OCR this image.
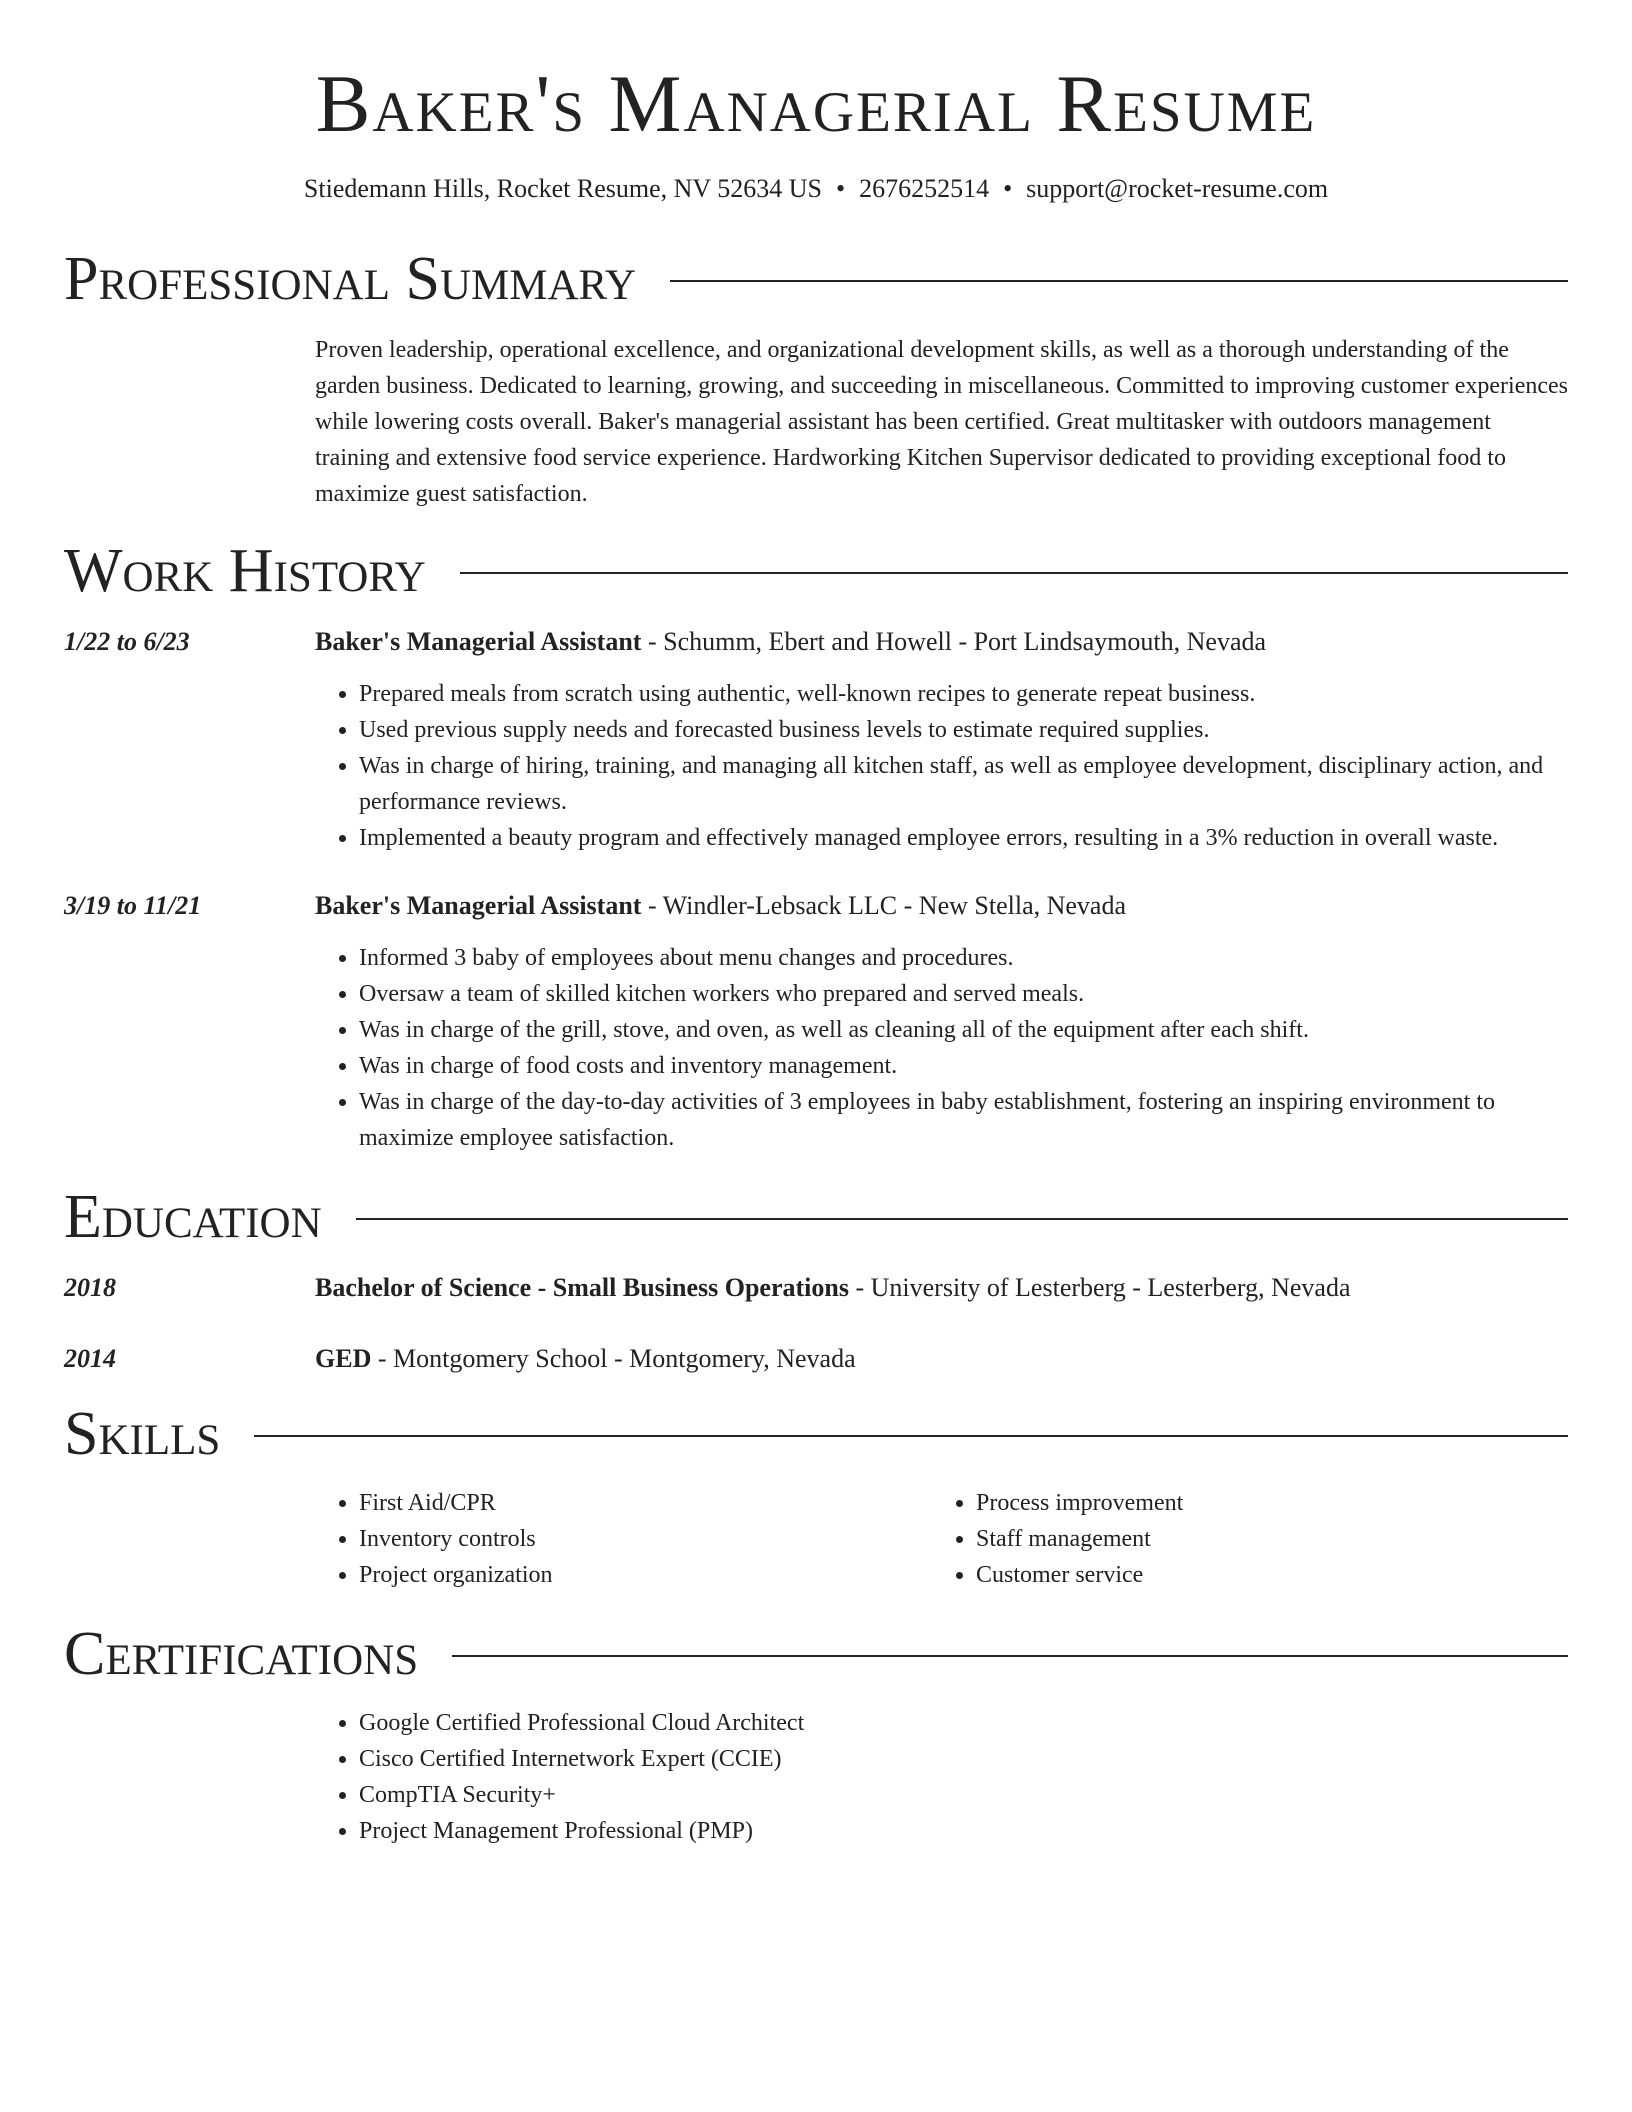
Baker's Managerial Resume
Stiedemann Hills, Rocket Resume, NV 52634 US • 2676252514 • support@rocket-resume.com
Professional Summary
Proven leadership, operational excellence, and organizational development skills, as well as a thorough understanding of the garden business. Dedicated to learning, growing, and succeeding in miscellaneous. Committed to improving customer experiences while lowering costs overall. Baker's managerial assistant has been certified. Great multitasker with outdoors management training and extensive food service experience. Hardworking Kitchen Supervisor dedicated to providing exceptional food to maximize guest satisfaction.
Work History
1/22 to 6/23	Baker's Managerial Assistant - Schumm, Ebert and Howell - Port Lindsaymouth, Nevada
• Prepared meals from scratch using authentic, well-known recipes to generate repeat business.
• Used previous supply needs and forecasted business levels to estimate required supplies.
• Was in charge of hiring, training, and managing all kitchen staff, as well as employee development, disciplinary action, and performance reviews.
• Implemented a beauty program and effectively managed employee errors, resulting in a 3% reduction in overall waste.
3/19 to 11/21	Baker's Managerial Assistant - Windler-Lebsack LLC - New Stella, Nevada
• Informed 3 baby of employees about menu changes and procedures.
• Oversaw a team of skilled kitchen workers who prepared and served meals.
• Was in charge of the grill, stove, and oven, as well as cleaning all of the equipment after each shift.
• Was in charge of food costs and inventory management.
• Was in charge of the day-to-day activities of 3 employees in baby establishment, fostering an inspiring environment to maximize employee satisfaction.
Education
2018	Bachelor of Science - Small Business Operations - University of Lesterberg - Lesterberg, Nevada
2014	GED - Montgomery School - Montgomery, Nevada
Skills
• First Aid/CPR
• Inventory controls
• Project organization
• Process improvement
• Staff management
• Customer service
Certifications
• Google Certified Professional Cloud Architect
• Cisco Certified Internetwork Expert (CCIE)
• CompTIA Security+
• Project Management Professional (PMP)
